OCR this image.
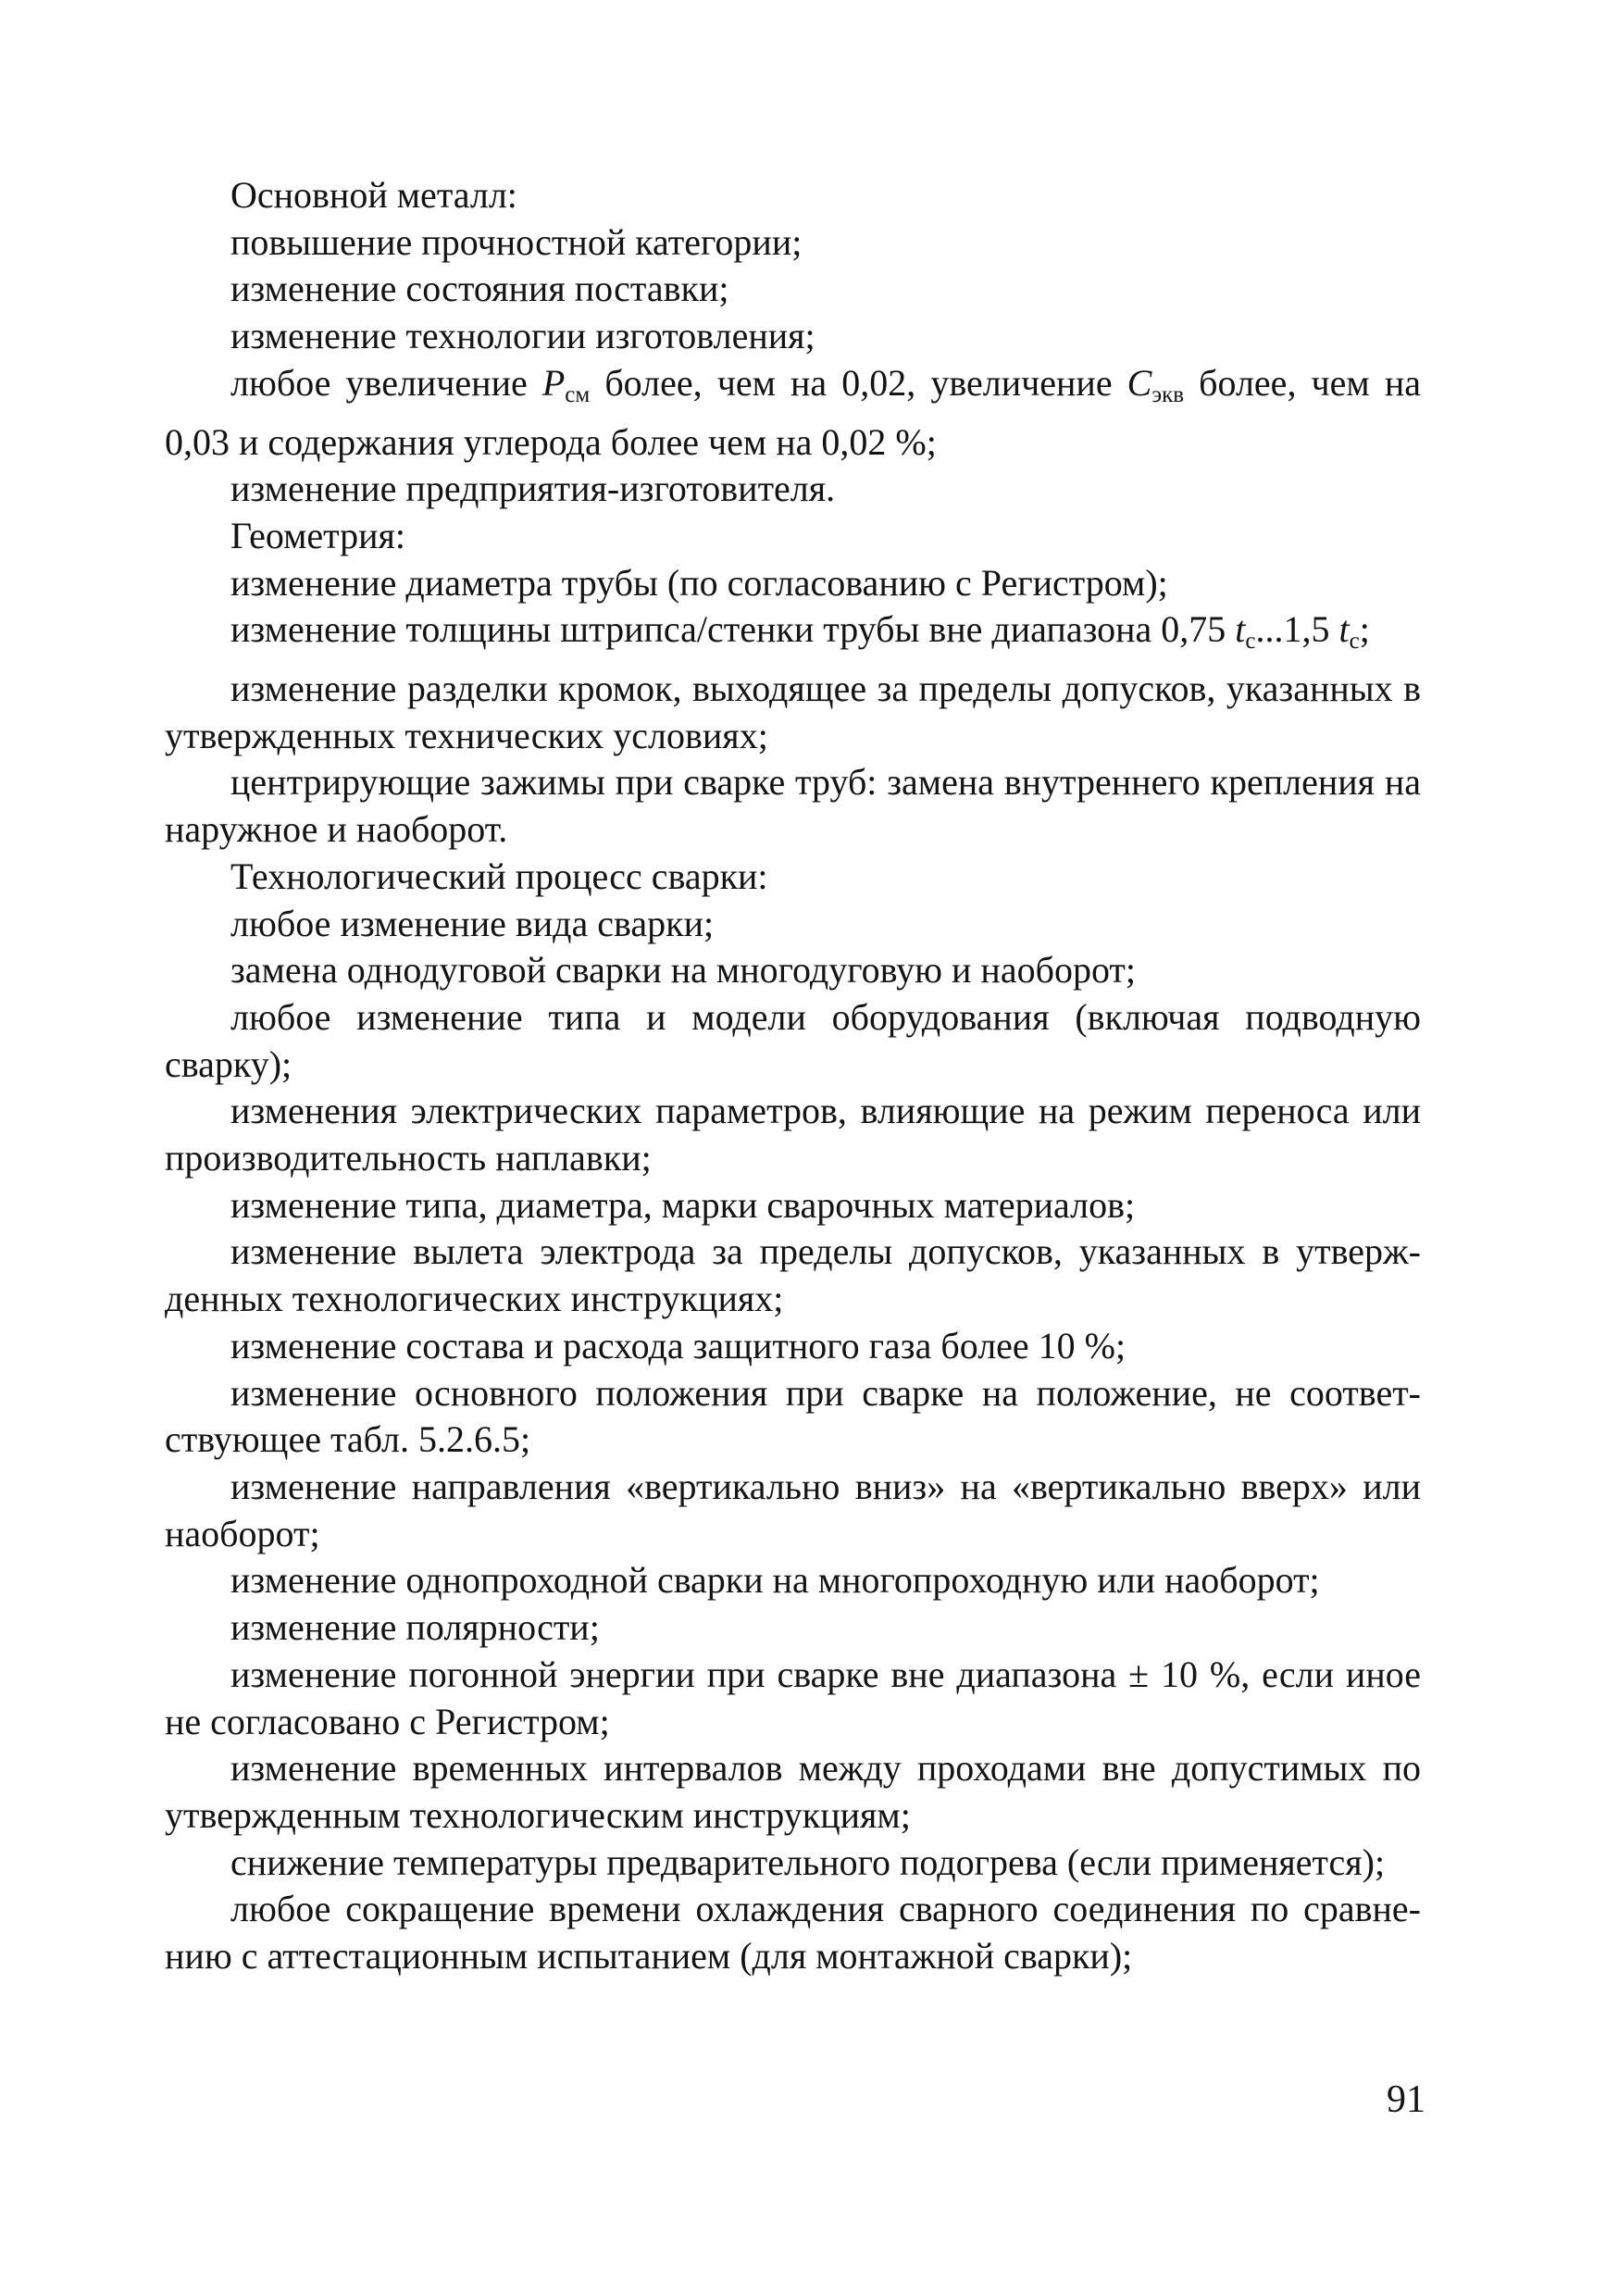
Основной металл:

повышение прочностной категории;

изменение состояния поставки;

изменение технологии изготовления;

любое увеличение $P_{см}$ более, чем на 0,02, увеличение $C_{экв}$ более, чем на 0,03 и содержания углерода более чем на 0,02 %;

изменение предприятия-изготовителя.

Геометрия:

изменение диаметра трубы (по согласованию с Регистром);

изменение толщины штрипса/стенки трубы вне диапазона 0,75 $t_c...1,5$ $t_c$;

изменение разделки кромок, выходящее за пределы допусков, указанных в утвержденных технических условиях;

центрирующие зажимы при сварке труб: замена внутреннего крепления на наружное и наоборот.

Технологический процесс сварки:

любое изменение вида сварки;

замена однодуговой сварки на многодуговую и наоборот;

любое изменение типа и модели оборудования (включая подводную сварку);

изменения электрических параметров, влияющие на режим переноса или производительность наплавки;

изменение типа, диаметра, марки сварочных материалов;

изменение вылета электрода за пределы допусков, указанных в утверж-денных технологических инструкциях;

изменение состава и расхода защитного газа более 10 %;

изменение основного положения при сварке на положение, не соответ-ствующее табл. 5.2.6.5;

изменение направления «вертикально вниз» на «вертикально вверх» или наоборот;

изменение однопроходной сварки на многопроходную или наоборот;

изменение полярности;

изменение погонной энергии при сварке вне диапазона ± 10 %, если иное не согласовано с Регистром;

изменение временных интервалов между проходами вне допустимых по утвержденным технологическим инструкциям;

снижение температуры предварительного подогрева (если применяется);

любое сокращение времени охлаждения сварного соединения по сравне-нию с аттестационным испытанием (для монтажной сварки);

91
